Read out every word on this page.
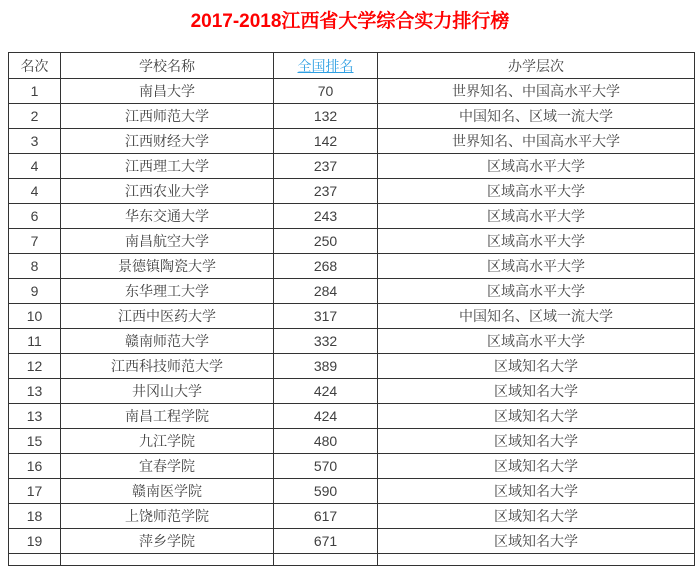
2017-2018江西省大学综合实力排行榜
名次	学校名称	全国排名	办学层次
1	南昌大学	70	世界知名、中国高水平大学
2	江西师范大学	132	中国知名、区域一流大学
3	江西财经大学	142	世界知名、中国高水平大学
4	江西理工大学	237	区域高水平大学
4	江西农业大学	237	区域高水平大学
6	华东交通大学	243	区域高水平大学
7	南昌航空大学	250	区域高水平大学
8	景德镇陶瓷大学	268	区域高水平大学
9	东华理工大学	284	区域高水平大学
10	江西中医药大学	317	中国知名、区域一流大学
11	赣南师范大学	332	区域高水平大学
12	江西科技师范大学	389	区域知名大学
13	井冈山大学	424	区域知名大学
13	南昌工程学院	424	区域知名大学
15	九江学院	480	区域知名大学
16	宜春学院	570	区域知名大学
17	赣南医学院	590	区域知名大学
18	上饶师范学院	617	区域知名大学
19	萍乡学院	671	区域知名大学
